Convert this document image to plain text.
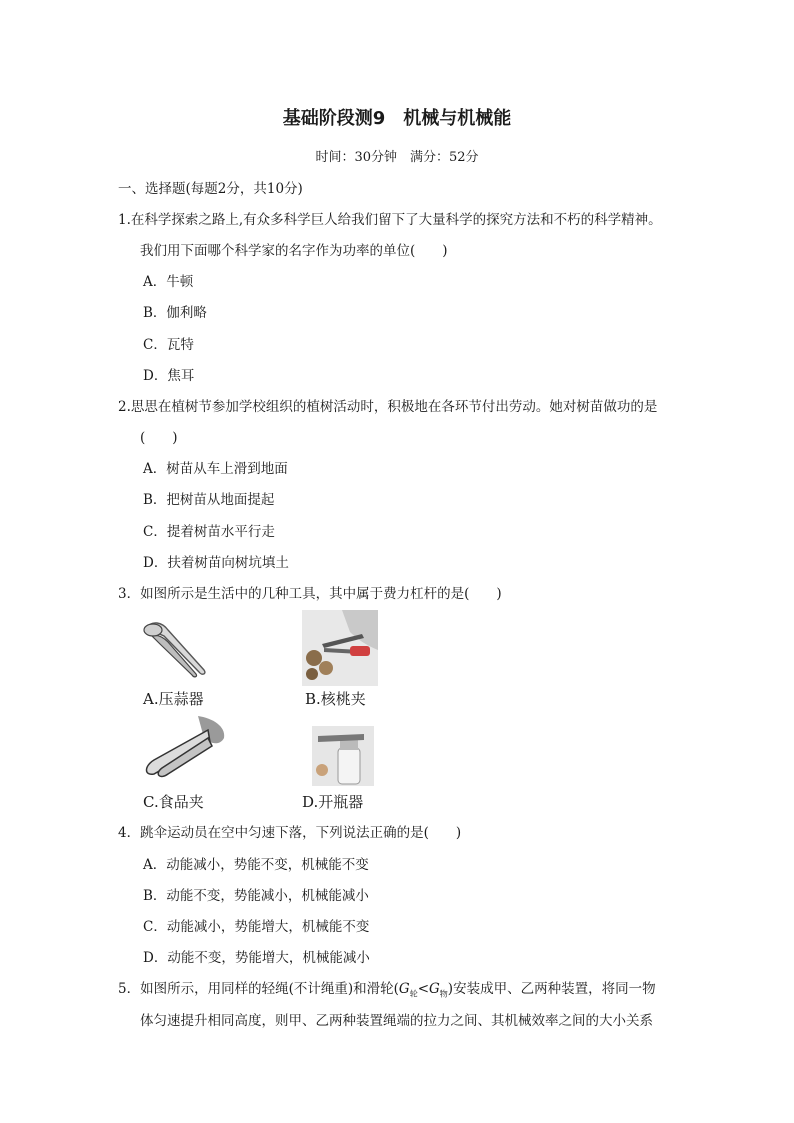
基础阶段测9　机械与机械能
时间：30分钟　满分：52分
一、选择题(每题2分，共10分)
1.在科学探索之路上,有众多科学巨人给我们留下了大量科学的探究方法和不朽的科学精神。
我们用下面哪个科学家的名字作为功率的单位(　　)
A．牛顿
B．伽利略
C．瓦特
D．焦耳
2.思思在植树节参加学校组织的植树活动时，积极地在各环节付出劳动。她对树苗做功的是
(　　)
A．树苗从车上滑到地面
B．把树苗从地面提起
C．提着树苗水平行走
D．扶着树苗向树坑填土
3．如图所示是生活中的几种工具，其中属于费力杠杆的是(　　)
A.压蒜器	B.核桃夹
C.食品夹	D.开瓶器
4．跳伞运动员在空中匀速下落，下列说法正确的是(　　)
A．动能减小，势能不变，机械能不变
B．动能不变，势能减小，机械能减小
C．动能减小，势能增大，机械能不变
D．动能不变，势能增大，机械能减小
5．如图所示，用同样的轻绳(不计绳重)和滑轮$(G_轮<G_物)$安装成甲、乙两种装置，将同一物
体匀速提升相同高度，则甲、乙两种装置绳端的拉力之间、其机械效率之间的大小关系
